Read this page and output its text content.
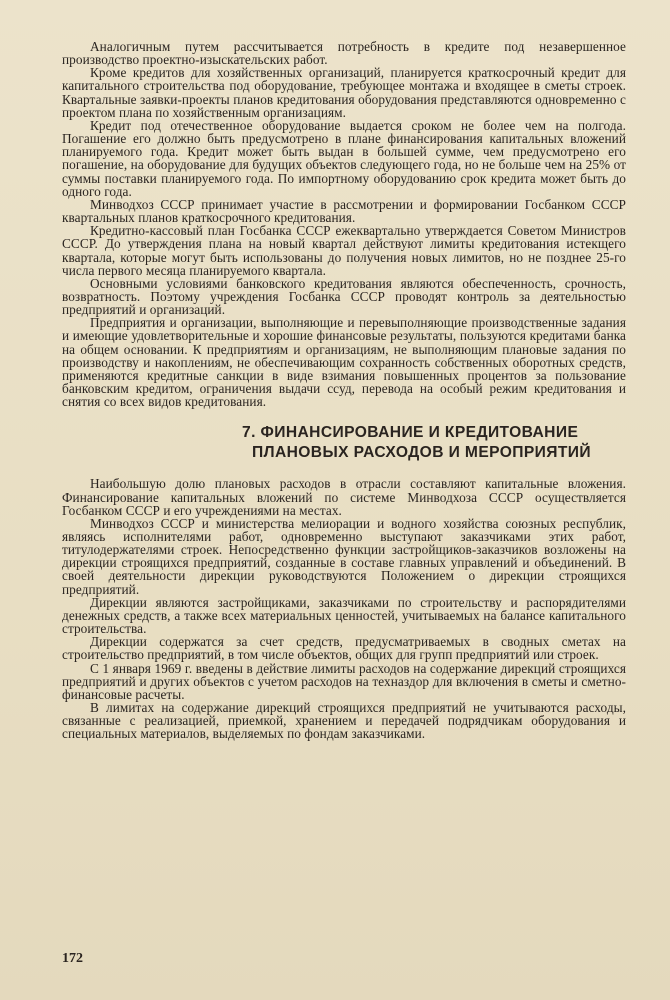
Аналогичным путем рассчитывается потребность в кредите под незавершенное производство проектно-изыскательских работ.

Кроме кредитов для хозяйственных организаций, планируется краткосрочный кредит для капитального строительства под оборудование, требующее монтажа и входящее в сметы строек. Квартальные заявки-проекты планов кредитования оборудования представляются одновременно с проектом плана по хозяйственным организациям.

Кредит под отечественное оборудование выдается сроком не более чем на полгода. Погашение его должно быть предусмотрено в плане финансирования капитальных вложений планируемого года. Кредит может быть выдан в большей сумме, чем предусмотрено его погашение, на оборудование для будущих объектов следующего года, но не больше чем на 25% от суммы поставки планируемого года. По импортному оборудованию срок кредита может быть до одного года.

Минводхоз СССР принимает участие в рассмотрении и формировании Госбанком СССР квартальных планов краткосрочного кредитования.

Кредитно-кассовый план Госбанка СССР ежеквартально утверждается Советом Министров СССР. До утверждения плана на новый квартал действуют лимиты кредитования истекщего квартала, которые могут быть использованы до получения новых лимитов, но не позднее 25-го числа первого месяца планируемого квартала.

Основными условиями банковского кредитования являются обеспеченность, срочность, возвратность. Поэтому учреждения Госбанка СССР проводят контроль за деятельностью предприятий и организаций.

Предприятия и организации, выполняющие и перевыполняющие производственные задания и имеющие удовлетворительные и хорошие финансовые результаты, пользуются кредитами банка на общем основании. К предприятиям и организациям, не выполняющим плановые задания по производству и накоплениям, не обеспечивающим сохранность собственных оборотных средств, применяются кредитные санкции в виде взимания повышенных процентов за пользование банковским кредитом, ограничения выдачи ссуд, перевода на особый режим кредитования и снятия со всех видов кредитования.

7. ФИНАНСИРОВАНИЕ И КРЕДИТОВАНИЕ
ПЛАНОВЫХ РАСХОДОВ И МЕРОПРИЯТИЙ

Наибольшую долю плановых расходов в отрасли составляют капитальные вложения. Финансирование капитальных вложений по системе Минводхоза СССР осуществляется Госбанком СССР и его учреждениями на местах.

Минводхоз СССР и министерства мелиорации и водного хозяйства союзных республик, являясь исполнителями работ, одновременно выступают заказчиками этих работ, титулодержателями строек. Непосредственно функции застройщиков-заказчиков возложены на дирекции строящихся предприятий, созданные в составе главных управлений и объединений. В своей деятельности дирекции руководствуются Положением о дирекции строящихся предприятий.

Дирекции являются застройщиками, заказчиками по строительству и распорядителями денежных средств, а также всех материальных ценностей, учитываемых на балансе капитального строительства.

Дирекции содержатся за счет средств, предусматриваемых в сводных сметах на строительство предприятий, в том числе объектов, общих для групп предприятий или строек.

С 1 января 1969 г. введены в действие лимиты расходов на содержание дирекций строящихся предприятий и других объектов с учетом расходов на техназдор для включения в сметы и сметно-финансовые расчеты.

В лимитах на содержание дирекций строящихся предприятий не учитываются расходы, связанные с реализацией, приемкой, хранением и передачей подрядчикам оборудования и специальных материалов, выделяемых по фондам заказчиками.

172
